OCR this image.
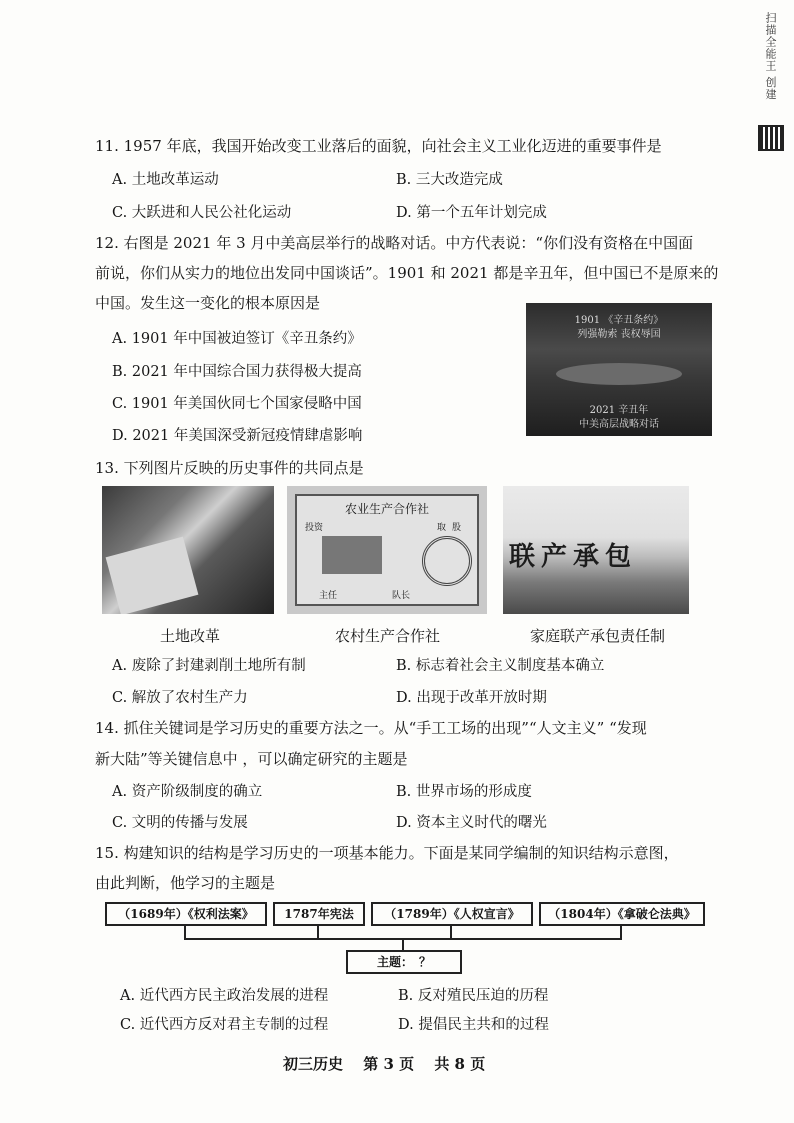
扫描全能王 创建
11. 1957 年底，我国开始改变工业落后的面貌，向社会主义工业化迈进的重要事件是
A. 土地改革运动	B. 三大改造完成
C. 大跃进和人民公社化运动	D. 第一个五年计划完成
12. 右图是 2021 年 3 月中美高层举行的战略对话。中方代表说：“你们没有资格在中国面
前说，你们从实力的地位出发同中国谈话”。1901 和 2021 都是辛丑年，但中国已不是原来的
中国。发生这一变化的根本原因是
A. 1901 年中国被迫签订《辛丑条约》
B. 2021 年中国综合国力获得极大提高
C. 1901 年美国伙同七个国家侵略中国
D. 2021 年美国深受新冠疫情肆虐影响
1901 《辛丑条约》
列强勒索 丧权辱国
2021 辛丑年
中美高层战略对话
13. 下列图片反映的历史事件的共同点是
农业生产合作社
投资	取 股
主任	队长
联产承包
土地改革	农村生产合作社	家庭联产承包责任制
A. 废除了封建剥削土地所有制	B. 标志着社会主义制度基本确立
C. 解放了农村生产力	D. 出现于改革开放时期
14. 抓住关键词是学习历史的重要方法之一。从“手工工场的出现”“人文主义” “发现
新大陆”等关键信息中 ，可以确定研究的主题是
A. 资产阶级制度的确立	B. 世界市场的形成度
C. 文明的传播与发展	D. 资本主义时代的曙光
15. 构建知识的结构是学习历史的一项基本能力。下面是某同学编制的知识结构示意图，
由此判断，他学习的主题是
（1689年）《权利法案》	1787年宪法	（1789年）《人权宣言》	（1804年）《拿破仑法典》
主题：　？
A. 近代西方民主政治发展的进程	B. 反对殖民压迫的历程
C. 近代西方反对君主专制的过程	D. 提倡民主共和的过程
初三历史　 第 3 页　 共 8 页
